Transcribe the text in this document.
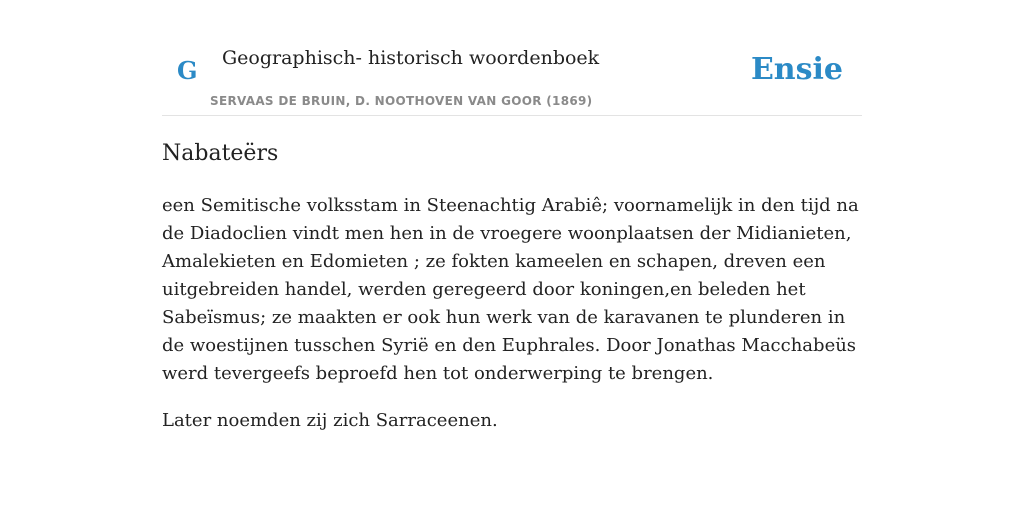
G Geographisch- historisch woordenboek
SERVAAS DE BRUIN, D. NOOTHOVEN VAN GOOR (1869)
Ensie
Nabateërs

een Semitische volksstam in Steenachtig Arabiê; voornamelijk in den tijd na de Diadoclien vindt men hen in de vroegere woonplaatsen der Midianieten, Amalekieten en Edomieten ; ze fokten kameelen en schapen, dreven een uitgebreiden handel, werden geregeerd door koningen,en beleden het Sabeïsmus; ze maakten er ook hun werk van de karavanen te plunderen in de woestijnen tusschen Syrië en den Euphrales. Door Jonathas Macchabeüs werd tevergeefs beproefd hen tot onderwerping te brengen.

Later noemden zij zich Sarraceenen.
